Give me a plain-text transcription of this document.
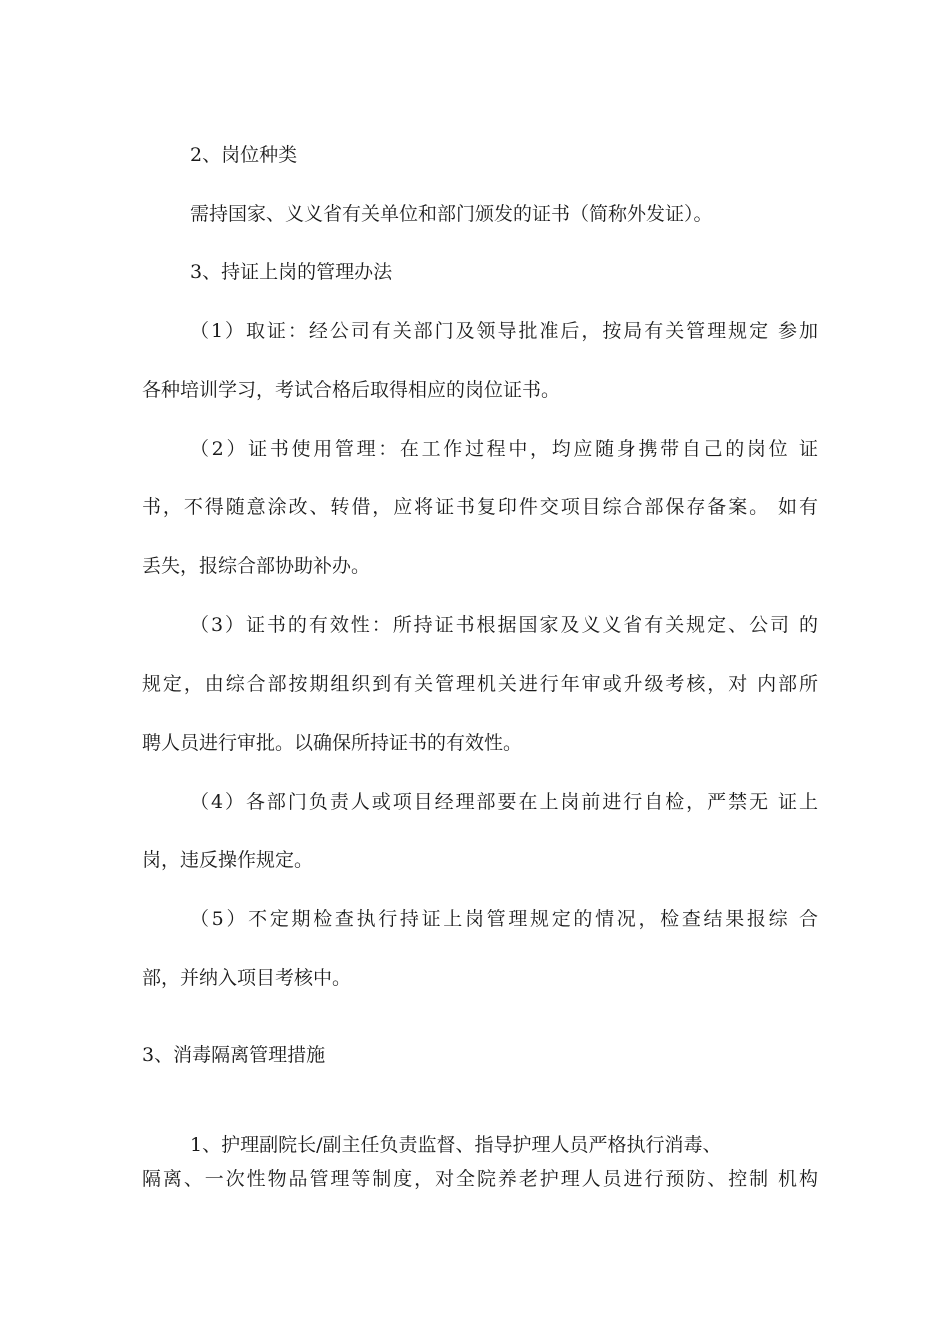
2、岗位种类
需持国家、义义省有关单位和部门颁发的证书（简称外发证）。
3、持证上岗的管理办法
（1）取证：经公司有关部门及领导批准后，按局有关管理规定 参加
各种培训学习，考试合格后取得相应的岗位证书。
（2）证书使用管理：在工作过程中，均应随身携带自己的岗位 证
书，不得随意涂改、转借，应将证书复印件交项目综合部保存备案。 如有
丢失，报综合部协助补办。
（3）证书的有效性：所持证书根据国家及义义省有关规定、公司 的
规定，由综合部按期组织到有关管理机关进行年审或升级考核，对 内部所
聘人员进行审批。以确保所持证书的有效性。
（4）各部门负责人或项目经理部要在上岗前进行自检，严禁无 证上
岗，违反操作规定。
（5）不定期检查执行持证上岗管理规定的情况，检查结果报综 合
部，并纳入项目考核中。
3、消毒隔离管理措施
1、护理副院长/副主任负责监督、指导护理人员严格执行消毒、
隔离、一次性物品管理等制度，对全院养老护理人员进行预防、控制 机构
